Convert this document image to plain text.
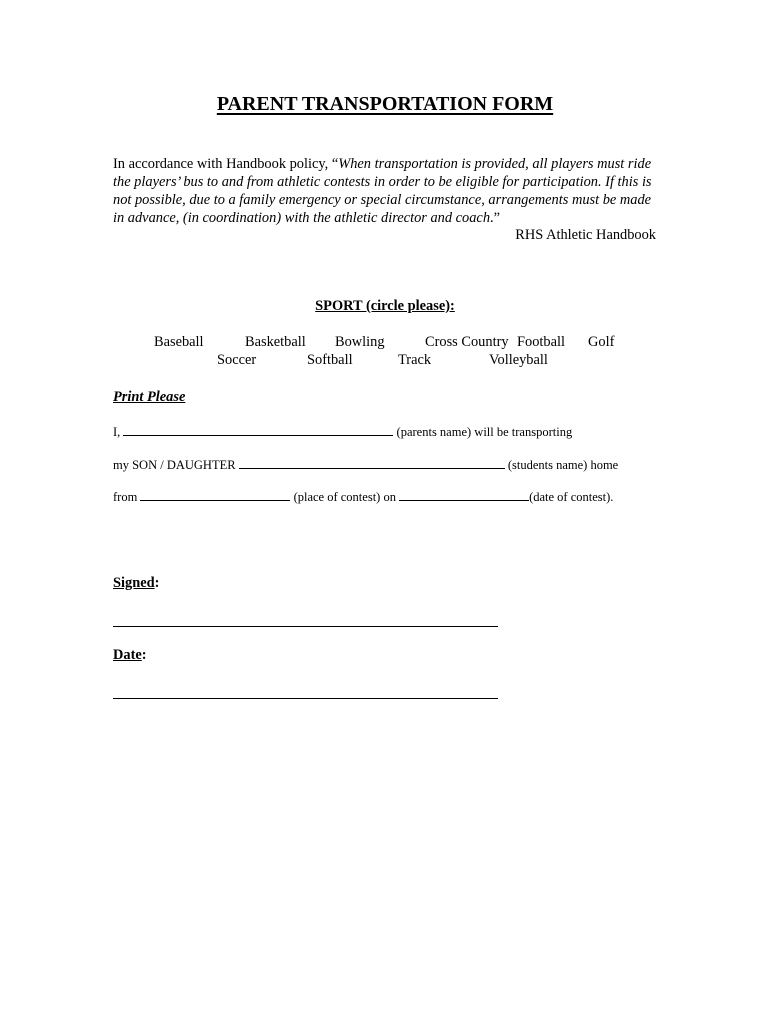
PARENT TRANSPORTATION FORM
In accordance with Handbook policy, “When transportation is provided, all players must ride the players’ bus to and from athletic contests in order to be eligible for participation. If this is not possible, due to a family emergency or special circumstance, arrangements must be made in advance, (in coordination) with the athletic director and coach.”
RHS Athletic Handbook
SPORT (circle please):
Baseball	Basketball Bowling	Cross Country Football Golf
Soccer	Softball	Track	Volleyball
Print Please
I,	(parents name) will be transporting
my SON / DAUGHTER	(students name) home
from	(place of contest) on	(date of contest).
Signed:
Date:
